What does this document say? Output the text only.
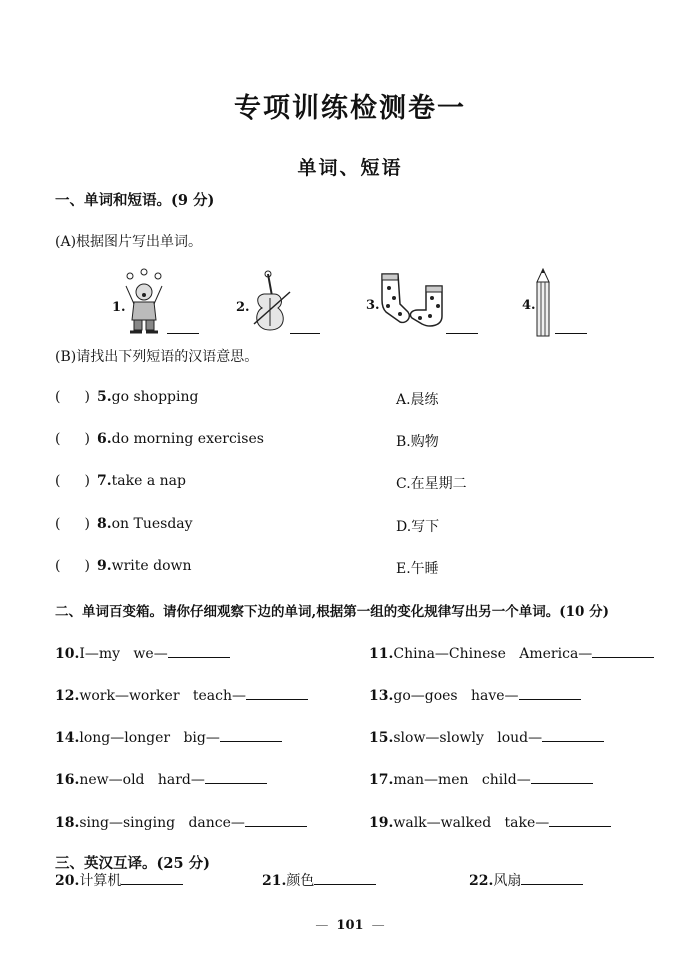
专项训练检测卷一
单词、短语
一、单词和短语。(9 分)
(A)根据图片写出单词。
1.	2.	3.	4.
(B)请找出下列短语的汉语意思。
( ) 5.go shopping	A.晨练
( ) 6.do morning exercises	B.购物
( ) 7.take a nap	C.在星期二
( ) 8.on Tuesday	D.写下
( ) 9.write down	E.午睡
二、单词百变箱。请你仔细观察下边的单词,根据第一组的变化规律写出另一个单词。(10 分)
10.I—my   we—	11.China—Chinese   America—
12.work—worker   teach—	13.go—goes   have—
14.long—longer   big—	15.slow—slowly   loud—
16.new—old   hard—	17.man—men   child—
18.sing—singing   dance—	19.walk—walked   take—
三、英汉互译。(25 分)
20.计算机	21.颜色	22.风扇
— 101 —
